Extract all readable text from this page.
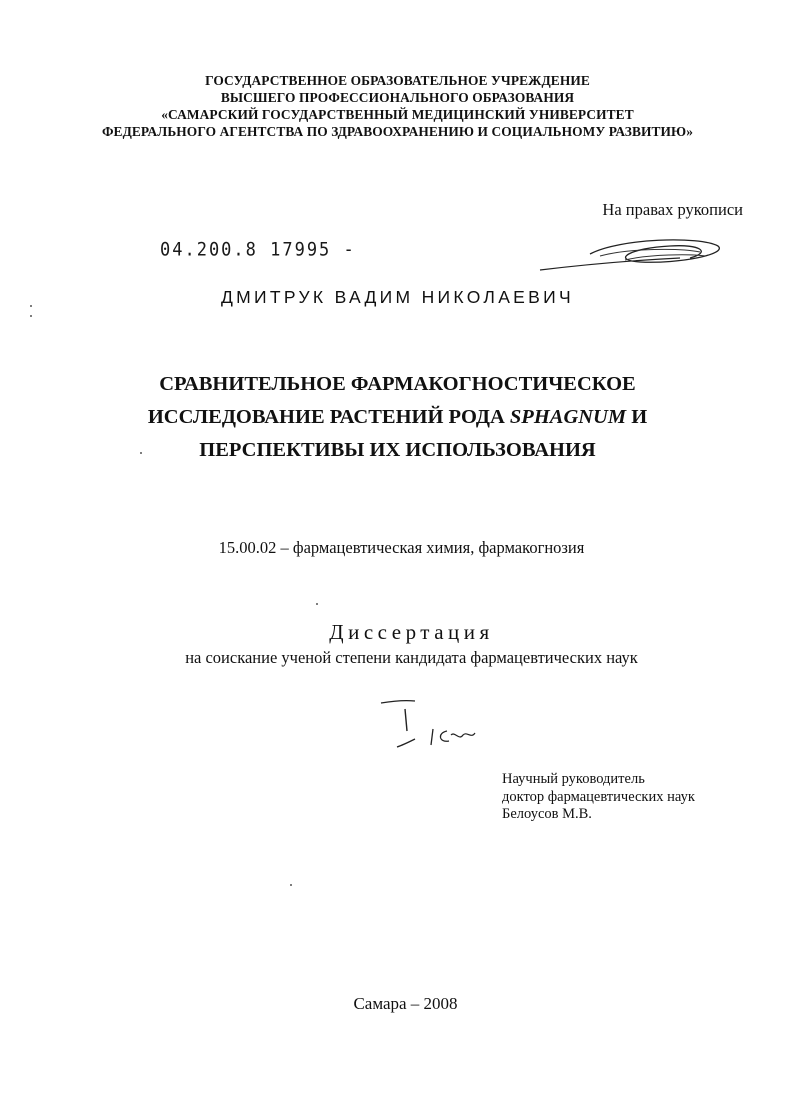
ГОСУДАРСТВЕННОЕ ОБРАЗОВАТЕЛЬНОЕ УЧРЕЖДЕНИЕ
ВЫСШЕГО ПРОФЕССИОНАЛЬНОГО ОБРАЗОВАНИЯ
«САМАРСКИЙ ГОСУДАРСТВЕННЫЙ МЕДИЦИНСКИЙ УНИВЕРСИТЕТ
ФЕДЕРАЛЬНОГО АГЕНТСТВА ПО ЗДРАВООХРАНЕНИЮ И СОЦИАЛЬНОМУ РАЗВИТИЮ»
На правах рукописи
04.200.8 17995 -
ДМИТРУК ВАДИМ НИКОЛАЕВИЧ
СРАВНИТЕЛЬНОЕ ФАРМАКОГНОСТИЧЕСКОЕ
ИССЛЕДОВАНИЕ РАСТЕНИЙ РОДА SPHAGNUM И
ПЕРСПЕКТИВЫ ИХ ИСПОЛЬЗОВАНИЯ
15.00.02 – фармацевтическая химия, фармакогнозия
Диссертация
на соискание ученой степени кандидата фармацевтических наук
Научный руководитель
доктор фармацевтических наук
Белоусов М.В.
Самара – 2008
